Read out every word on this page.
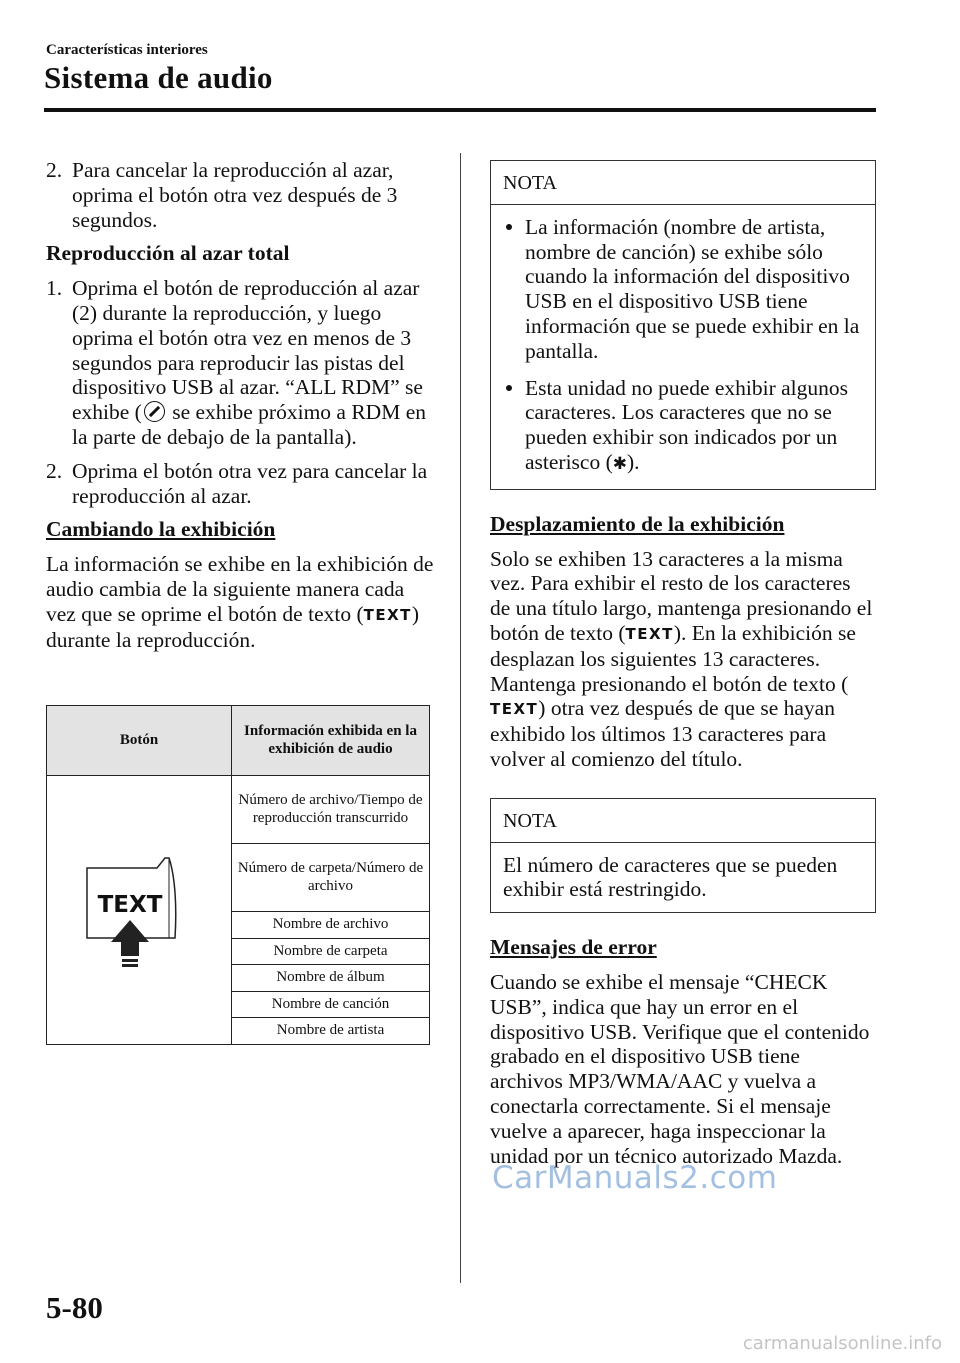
Características interiores
Sistema de audio
2. Para cancelar la reproducción al azar, oprima el botón otra vez después de 3 segundos.
Reproducción al azar total
1. Oprima el botón de reproducción al azar (2) durante la reproducción, y luego oprima el botón otra vez en menos de 3 segundos para reproducir las pistas del dispositivo USB al azar. “ALL RDM” se exhibe ( se exhibe próximo a RDM en la parte de debajo de la pantalla).
2. Oprima el botón otra vez para cancelar la reproducción al azar.
Cambiando la exhibición
La información se exhibe en la exhibición de audio cambia de la siguiente manera cada vez que se oprime el botón de texto (TEXT) durante la reproducción.
Botón	Información exhibida en la exhibición de audio

TEXT	Número de archivo/Tiempo de reproducción transcurrido
	Número de carpeta/Número de archivo
	Nombre de archivo
	Nombre de carpeta
	Nombre de álbum
	Nombre de canción
	Nombre de artista
NOTA
La información (nombre de artista, nombre de canción) se exhibe sólo cuando la información del dispositivo USB en el dispositivo USB tiene información que se puede exhibir en la pantalla.
Esta unidad no puede exhibir algunos caracteres. Los caracteres que no se pueden exhibir son indicados por un asterisco (✱).
Desplazamiento de la exhibición
Solo se exhiben 13 caracteres a la misma vez. Para exhibir el resto de los caracteres de una título largo, mantenga presionando el botón de texto (TEXT). En la exhibición se desplazan los siguientes 13 caracteres. Mantenga presionando el botón de texto (TEXT) otra vez después de que se hayan exhibido los últimos 13 caracteres para volver al comienzo del título.
NOTA
El número de caracteres que se pueden exhibir está restringido.
Mensajes de error
Cuando se exhibe el mensaje “CHECK USB”, indica que hay un error en el dispositivo USB. Verifique que el contenido grabado en el dispositivo USB tiene archivos MP3/WMA/AAC y vuelva a conectarla correctamente. Si el mensaje vuelve a aparecer, haga inspeccionar la unidad por un técnico autorizado Mazda.
5-80
CarManuals2.com
carmanualsonline.info
